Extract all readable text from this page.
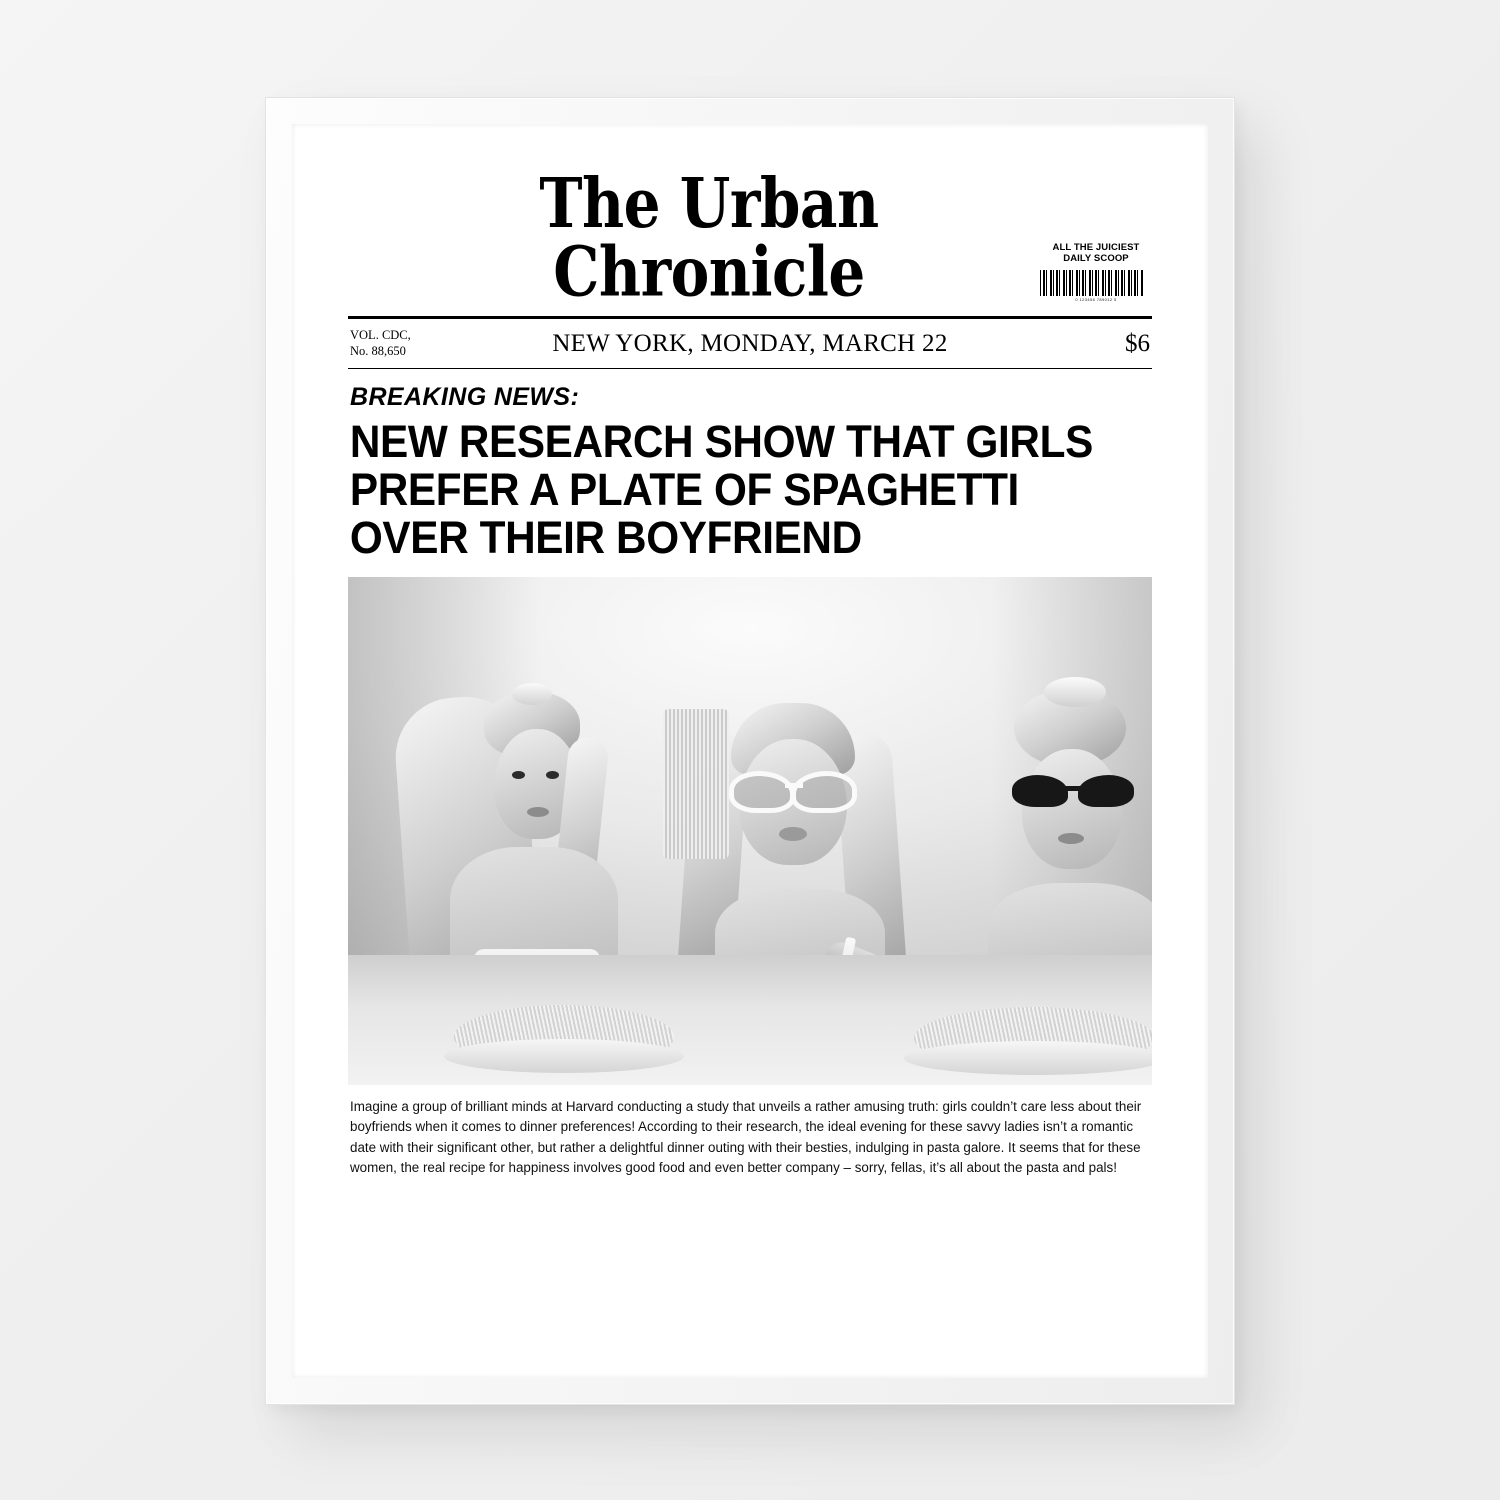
The Urban Chronicle	ALL THE JUICIEST
DAILY SCOOP
0 123456 789012 5
VOL. CDC,
No. 88,650	NEW YORK, MONDAY, MARCH 22	$6
BREAKING NEWS:
NEW RESEARCH SHOW THAT GIRLS PREFER A PLATE OF SPAGHETTI OVER THEIR BOYFRIEND
Imagine a group of brilliant minds at Harvard conducting a study that unveils a rather amusing truth: girls couldn’t care less about their boyfriends when it comes to dinner preferences! According to their research, the ideal evening for these savvy ladies isn’t a romantic date with their significant other, but rather a delightful dinner outing with their besties, indulging in pasta galore. It seems that for these women, the real recipe for happiness involves good food and even better company – sorry, fellas, it’s all about the pasta and pals!
